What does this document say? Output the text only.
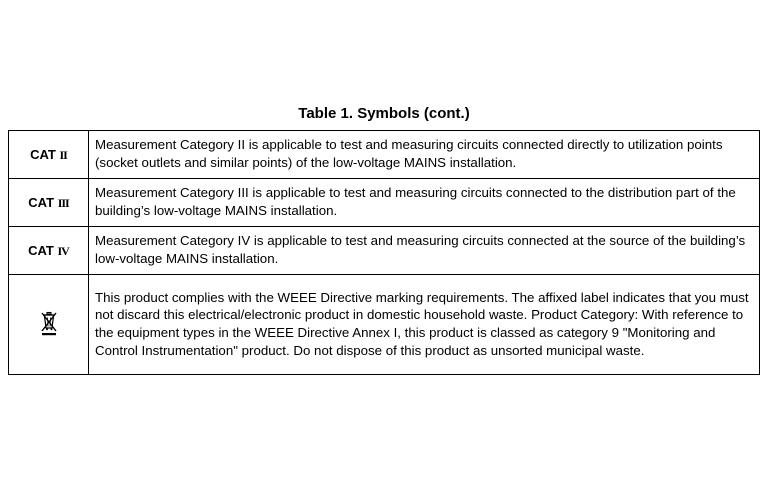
Table 1. Symbols (cont.)
CAT II	Measurement Category II is applicable to test and measuring circuits connected directly to utilization points (socket outlets and similar points) of the low-voltage MAINS installation.
CAT III	Measurement Category III is applicable to test and measuring circuits connected to the distribution part of the building’s low-voltage MAINS installation.
CAT IV	Measurement Category IV is applicable to test and measuring circuits connected at the source of the building’s low-voltage MAINS installation.
	This product complies with the WEEE Directive marking requirements. The affixed label indicates that you must not discard this electrical/electronic product in domestic household waste. Product Category: With reference to the equipment types in the WEEE Directive Annex I, this product is classed as category 9 "Monitoring and Control Instrumentation" product. Do not dispose of this product as unsorted municipal waste.
